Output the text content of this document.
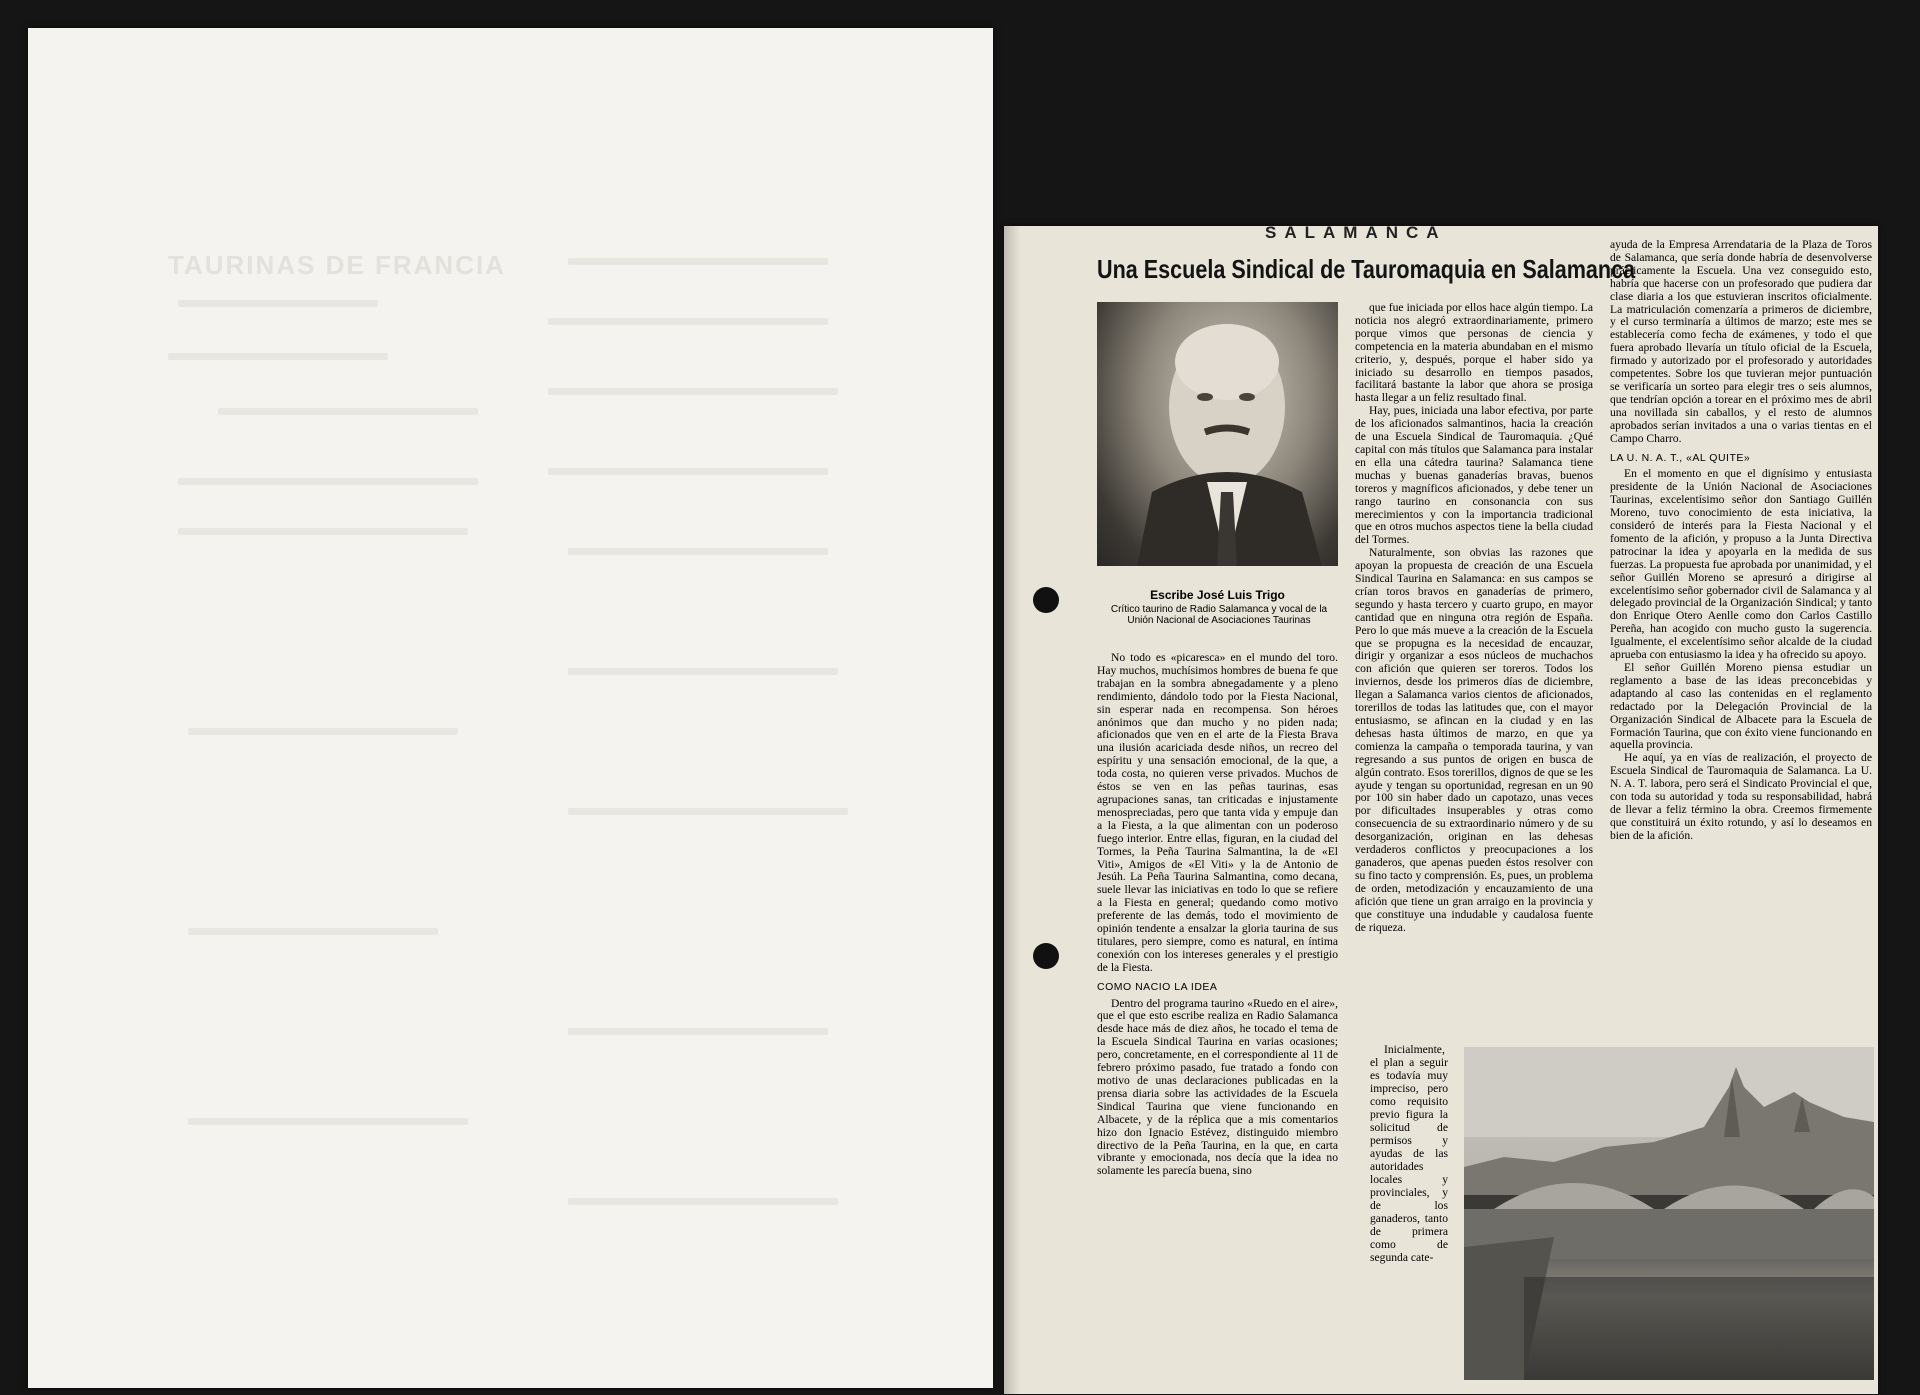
TAURINAS DE FRANCIA
SALAMANCA
Una Escuela Sindical de Tauromaquia en Salamanca
Escribe José Luis Trigo
Crítico taurino de Radio Salamanca y vocal de la Unión Nacional de Asociaciones Taurinas

No todo es «picaresca» en el mundo del toro. Hay muchos, muchísimos hombres de buena fe que trabajan en la sombra abnegadamente y a pleno rendimiento, dándolo todo por la Fiesta Nacional, sin esperar nada en recompensa. Son héroes anónimos que dan mucho y no piden nada; aficionados que ven en el arte de la Fiesta Brava una ilusión acariciada desde niños, un recreo del espíritu y una sensación emocional, de la que, a toda costa, no quieren verse privados. Muchos de éstos se ven en las peñas taurinas, esas agrupaciones sanas, tan criticadas e injustamente menospreciadas, pero que tanta vida y empuje dan a la Fiesta, a la que alimentan con un poderoso fuego interior. Entre ellas, figuran, en la ciudad del Tormes, la Peña Taurina Salmantina, la de «El Viti», Amigos de «El Viti» y la de Antonio de Jesúh. La Peña Taurina Salmantina, como decana, suele llevar las iniciativas en todo lo que se refiere a la Fiesta en general; quedando como motivo preferente de las demás, todo el movimiento de opinión tendente a ensalzar la gloria taurina de sus titulares, pero siempre, como es natural, en íntima conexión con los intereses generales y el prestigio de la Fiesta.

COMO NACIO LA IDEA

Dentro del programa taurino «Ruedo en el aire», que el que esto escribe realiza en Radio Salamanca desde hace más de diez años, he tocado el tema de la Escuela Sindical Taurina en varias ocasiones; pero, concretamente, en el correspondiente al 11 de febrero próximo pasado, fue tratado a fondo con motivo de unas declaraciones publicadas en la prensa diaria sobre las actividades de la Escuela Sindical Taurina que viene funcionando en Albacete, y de la réplica que a mis comentarios hizo don Ignacio Estévez, distinguido miembro directivo de la Peña Taurina, en la que, en carta vibrante y emocionada, nos decía que la idea no solamente les parecía buena, sino

que fue iniciada por ellos hace algún tiempo. La noticia nos alegró extraordinariamente, primero porque vimos que personas de ciencia y competencia en la materia abundaban en el mismo criterio, y, después, porque el haber sido ya iniciado su desarrollo en tiempos pasados, facilitará bastante la labor que ahora se prosiga hasta llegar a un feliz resultado final.

Hay, pues, iniciada una labor efectiva, por parte de los aficionados salmantinos, hacia la creación de una Escuela Sindical de Tauromaquia. ¿Qué capital con más títulos que Salamanca para instalar en ella una cátedra taurina? Salamanca tiene muchas y buenas ganaderías bravas, buenos toreros y magníficos aficionados, y debe tener un rango taurino en consonancia con sus merecimientos y con la importancia tradicional que en otros muchos aspectos tiene la bella ciudad del Tormes.

Naturalmente, son obvias las razones que apoyan la propuesta de creación de una Escuela Sindical Taurina en Salamanca: en sus campos se crían toros bravos en ganaderías de primero, segundo y hasta tercero y cuarto grupo, en mayor cantidad que en ninguna otra región de España. Pero lo que más mueve a la creación de la Escuela que se propugna es la necesidad de encauzar, dirigir y organizar a esos núcleos de muchachos con afición que quieren ser toreros. Todos los inviernos, desde los primeros días de diciembre, llegan a Salamanca varios cientos de aficionados, torerillos de todas las latitudes que, con el mayor entusiasmo, se afincan en la ciudad y en las dehesas hasta últimos de marzo, en que ya comienza la campaña o temporada taurina, y van regresando a sus puntos de origen en busca de algún contrato. Esos torerillos, dignos de que se les ayude y tengan su oportunidad, regresan en un 90 por 100 sin haber dado un capotazo, unas veces por dificultades insuperables y otras como consecuencia de su extraordinario número y de su desorganización, originan en las dehesas verdaderos conflictos y preocupaciones a los ganaderos, que apenas pueden éstos resolver con su fino tacto y comprensión. Es, pues, un problema de orden, metodización y encauzamiento de una afición que tiene un gran arraigo en la provincia y que constituye una indudable y caudalosa fuente de riqueza.

Inicialmente, el plan a seguir es todavía muy impreciso, pero como requisito previo figura la solicitud de permisos y ayudas de las autoridades locales y provinciales, y de los ganaderos, tanto de primera como de segunda cate-

ayuda de la Empresa Arrendataria de la Plaza de Toros de Salamanca, que sería donde habría de desenvolverse prácticamente la Escuela. Una vez conseguido esto, habría que hacerse con un profesorado que pudiera dar clase diaria a los que estuvieran inscritos oficialmente. La matriculación comenzaría a primeros de diciembre, y el curso terminaría a últimos de marzo; este mes se establecería como fecha de exámenes, y todo el que fuera aprobado llevaría un título oficial de la Escuela, firmado y autorizado por el profesorado y autoridades competentes. Sobre los que tuvieran mejor puntuación se verificaría un sorteo para elegir tres o seis alumnos, que tendrían opción a torear en el próximo mes de abril una novillada sin caballos, y el resto de alumnos aprobados serían invitados a una o varias tientas en el Campo Charro.

LA U. N. A. T., «AL QUITE»

En el momento en que el dignísimo y entusiasta presidente de la Unión Nacional de Asociaciones Taurinas, excelentísimo señor don Santiago Guillén Moreno, tuvo conocimiento de esta iniciativa, la consideró de interés para la Fiesta Nacional y el fomento de la afición, y propuso a la Junta Directiva patrocinar la idea y apoyarla en la medida de sus fuerzas. La propuesta fue aprobada por unanimidad, y el señor Guillén Moreno se apresuró a dirigirse al excelentísimo señor gobernador civil de Salamanca y al delegado provincial de la Organización Sindical; y tanto don Enrique Otero Aenlle como don Carlos Castillo Pereña, han acogido con mucho gusto la sugerencia. Igualmente, el excelentísimo señor alcalde de la ciudad aprueba con entusiasmo la idea y ha ofrecido su apoyo.

El señor Guillén Moreno piensa estudiar un reglamento a base de las ideas preconcebidas y adaptando al caso las contenidas en el reglamento redactado por la Delegación Provincial de la Organización Sindical de Albacete para la Escuela de Formación Taurina, que con éxito viene funcionando en aquella provincia.

He aquí, ya en vías de realización, el proyecto de Escuela Sindical de Tauromaquia de Salamanca. La U. N. A. T. labora, pero será el Sindicato Provincial el que, con toda su autoridad y toda su responsabilidad, habrá de llevar a feliz término la obra. Creemos firmemente que constituirá un éxito rotundo, y así lo deseamos en bien de la afición.
